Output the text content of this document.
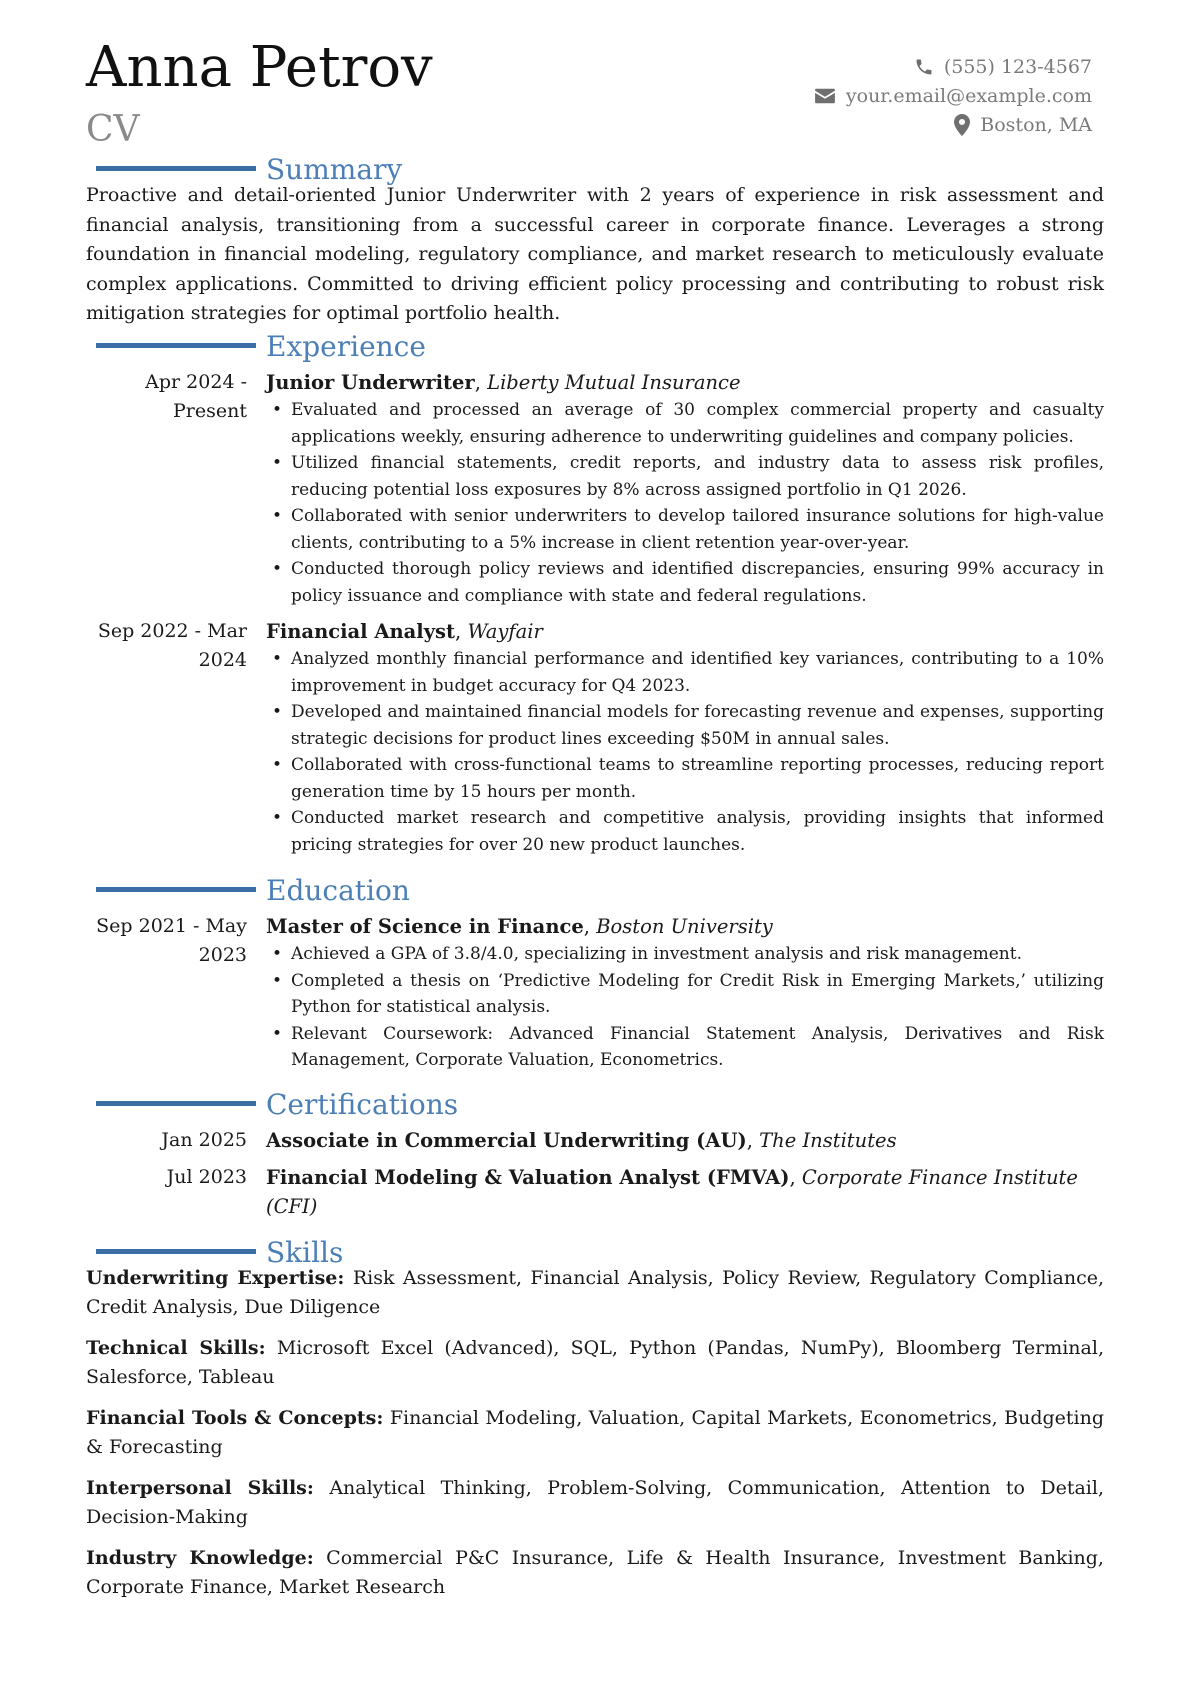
Anna Petrov
CV
(555) 123-4567
your.email@example.com
Boston, MA
Summary
Proactive and detail-oriented Junior Underwriter with 2 years of experience in risk assessment and financial analysis, transitioning from a successful career in corporate finance. Leverages a strong foundation in financial modeling, regulatory compliance, and market research to meticulously evaluate complex applications. Committed to driving efficient policy processing and contributing to robust risk mitigation strategies for optimal portfolio health.
Experience
Apr 2024 - Present
Junior Underwriter, Liberty Mutual Insurance
• Evaluated and processed an average of 30 complex commercial property and casualty applications weekly, ensuring adherence to underwriting guidelines and company policies.
• Utilized financial statements, credit reports, and industry data to assess risk profiles, reducing potential loss exposures by 8% across assigned portfolio in Q1 2026.
• Collaborated with senior underwriters to develop tailored insurance solutions for high-value clients, contributing to a 5% increase in client retention year-over-year.
• Conducted thorough policy reviews and identified discrepancies, ensuring 99% accuracy in policy issuance and compliance with state and federal regulations.
Sep 2022 - Mar 2024
Financial Analyst, Wayfair
• Analyzed monthly financial performance and identified key variances, contributing to a 10% improvement in budget accuracy for Q4 2023.
• Developed and maintained financial models for forecasting revenue and expenses, supporting strategic decisions for product lines exceeding $50M in annual sales.
• Collaborated with cross-functional teams to streamline reporting processes, reducing report generation time by 15 hours per month.
• Conducted market research and competitive analysis, providing insights that informed pricing strategies for over 20 new product launches.
Education
Sep 2021 - May 2023
Master of Science in Finance, Boston University
• Achieved a GPA of 3.8/4.0, specializing in investment analysis and risk management.
• Completed a thesis on ‘Predictive Modeling for Credit Risk in Emerging Markets,’ utilizing Python for statistical analysis.
• Relevant Coursework: Advanced Financial Statement Analysis, Derivatives and Risk Management, Corporate Valuation, Econometrics.
Certifications
Jan 2025 Associate in Commercial Underwriting (AU), The Institutes
Jul 2023 Financial Modeling & Valuation Analyst (FMVA), Corporate Finance Institute (CFI)
Skills
Underwriting Expertise: Risk Assessment, Financial Analysis, Policy Review, Regulatory Compliance, Credit Analysis, Due Diligence
Technical Skills: Microsoft Excel (Advanced), SQL, Python (Pandas, NumPy), Bloomberg Terminal, Salesforce, Tableau
Financial Tools & Concepts: Financial Modeling, Valuation, Capital Markets, Econometrics, Budgeting & Forecasting
Interpersonal Skills: Analytical Thinking, Problem-Solving, Communication, Attention to Detail, Decision-Making
Industry Knowledge: Commercial P&C Insurance, Life & Health Insurance, Investment Banking, Corporate Finance, Market Research
